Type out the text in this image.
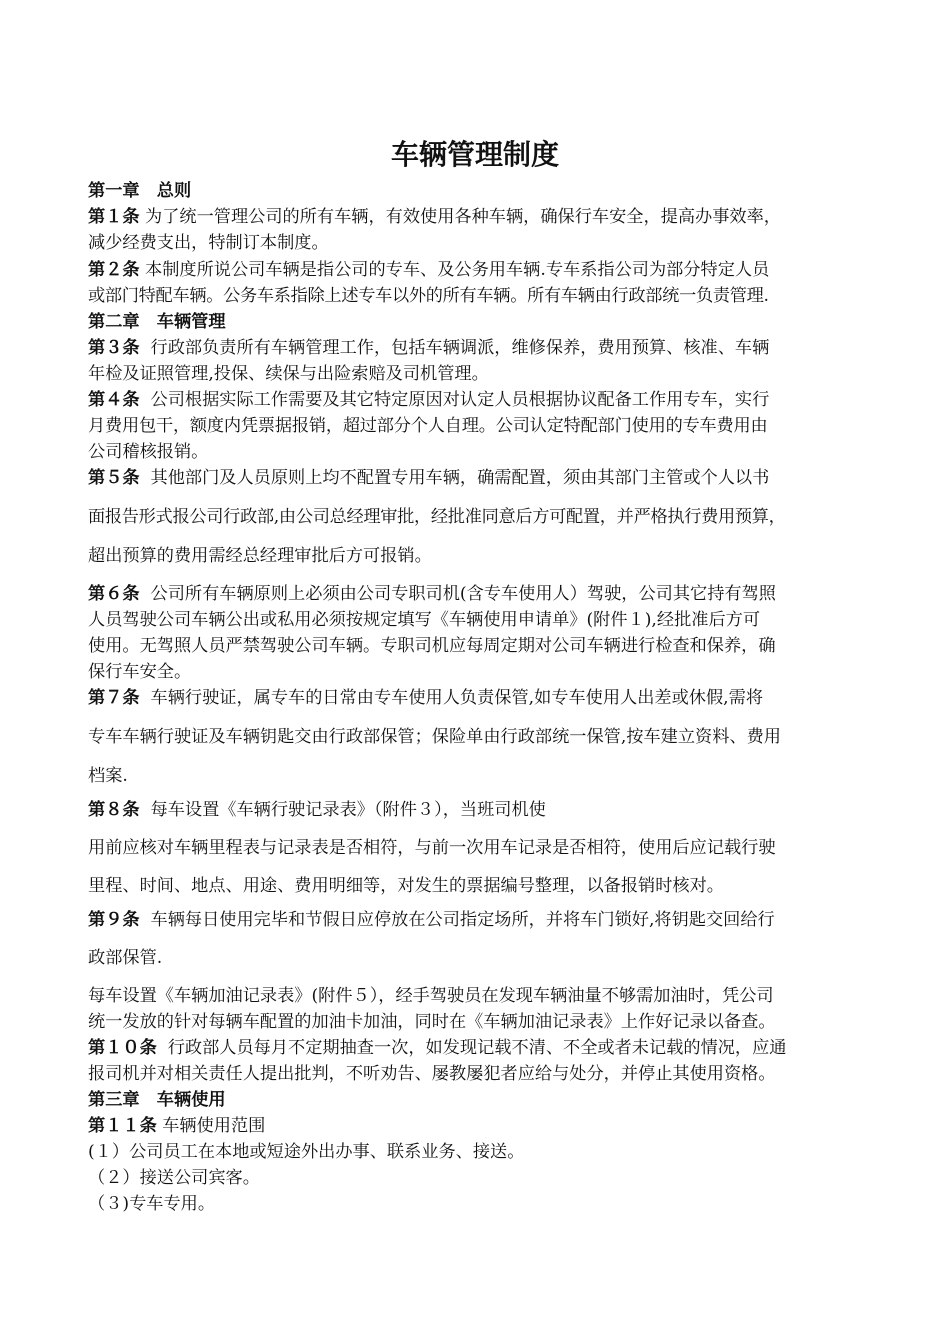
车辆管理制度
第一章　总则
第１条 为了统一管理公司的所有车辆，有效使用各种车辆，确保行车安全，提高办事效率，
减少经费支出，特制订本制度。
第２条 本制度所说公司车辆是指公司的专车、及公务用车辆.专车系指公司为部分特定人员
或部门特配车辆。公务车系指除上述专车以外的所有车辆。所有车辆由行政部统一负责管理.
第二章　车辆管理
第３条 行政部负责所有车辆管理工作，包括车辆调派，维修保养，费用预算、核准、车辆
年检及证照管理,投保、续保与出险索赔及司机管理。
第４条 公司根据实际工作需要及其它特定原因对认定人员根据协议配备工作用专车，实行
月费用包干，额度内凭票据报销，超过部分个人自理。公司认定特配部门使用的专车费用由
公司稽核报销。
第５条 其他部门及人员原则上均不配置专用车辆，确需配置，须由其部门主管或个人以书
面报告形式报公司行政部,由公司总经理审批，经批准同意后方可配置，并严格执行费用预算，
超出预算的费用需经总经理审批后方可报销。
第６条 公司所有车辆原则上必须由公司专职司机(含专车使用人）驾驶，公司其它持有驾照
人员驾驶公司车辆公出或私用必须按规定填写《车辆使用申请单》(附件１),经批准后方可
使用。无驾照人员严禁驾驶公司车辆。专职司机应每周定期对公司车辆进行检查和保养，确
保行车安全。
第７条 车辆行驶证，属专车的日常由专车使用人负责保管,如专车使用人出差或休假,需将
专车车辆行驶证及车辆钥匙交由行政部保管；保险单由行政部统一保管,按车建立资料、费用
档案.
第８条 每车设置《车辆行驶记录表》（附件３），当班司机使
用前应核对车辆里程表与记录表是否相符，与前一次用车记录是否相符，使用后应记载行驶
里程、时间、地点、用途、费用明细等，对发生的票据编号整理，以备报销时核对。
第９条 车辆每日使用完毕和节假日应停放在公司指定场所，并将车门锁好,将钥匙交回给行
政部保管.
每车设置《车辆加油记录表》(附件５），经手驾驶员在发现车辆油量不够需加油时，凭公司
统一发放的针对每辆车配置的加油卡加油，同时在《车辆加油记录表》上作好记录以备查。
第１０条 行政部人员每月不定期抽查一次，如发现记载不清、不全或者未记载的情况，应通
报司机并对相关责任人提出批判，不听劝告、屡教屡犯者应给与处分，并停止其使用资格。
第三章　车辆使用
第１１条 车辆使用范围
(１）公司员工在本地或短途外出办事、联系业务、接送。
（２）接送公司宾客。
（３)专车专用。
